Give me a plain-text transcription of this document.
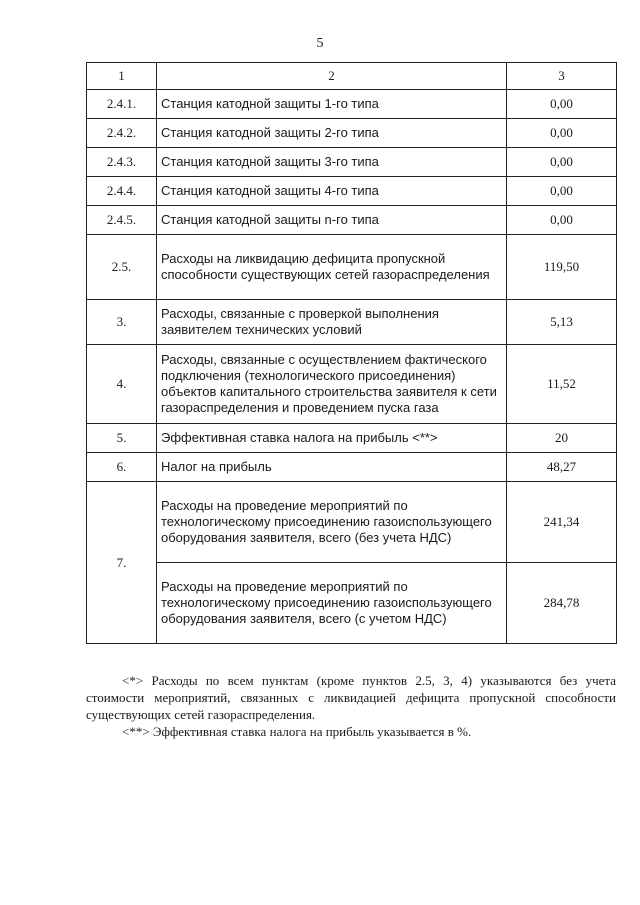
5
1	2	3
2.4.1.	Станция катодной защиты 1-го типа	0,00
2.4.2.	Станция катодной защиты 2-го типа	0,00
2.4.3.	Станция катодной защиты 3-го типа	0,00
2.4.4.	Станция катодной защиты 4-го типа	0,00
2.4.5.	Станция катодной защиты n-го типа	0,00
2.5.	Расходы на ликвидацию дефицита пропускной способности существующих сетей газораспределения	119,50
3.	Расходы, связанные с проверкой выполнения заявителем технических условий	5,13
4.	Расходы, связанные с осуществлением фактического подключения (технологического присоединения) объектов капитального строительства заявителя к сети газораспределения и проведением пуска газа	11,52
5.	Эффективная ставка налога на прибыль <**>	20
6.	Налог на прибыль	48,27
7.	Расходы на проведение мероприятий по технологическому присоединению газоиспользующего оборудования заявителя, всего (без учета НДС)	241,34
	Расходы на проведение мероприятий по технологическому присоединению газоиспользующего оборудования заявителя, всего (с учетом НДС)	284,78

<*> Расходы по всем пунктам (кроме пунктов 2.5, 3, 4) указываются без учета стоимости мероприятий, связанных с ликвидацией дефицита пропускной способности существующих сетей газораспределения.

<**> Эффективная ставка налога на прибыль указывается в %.
